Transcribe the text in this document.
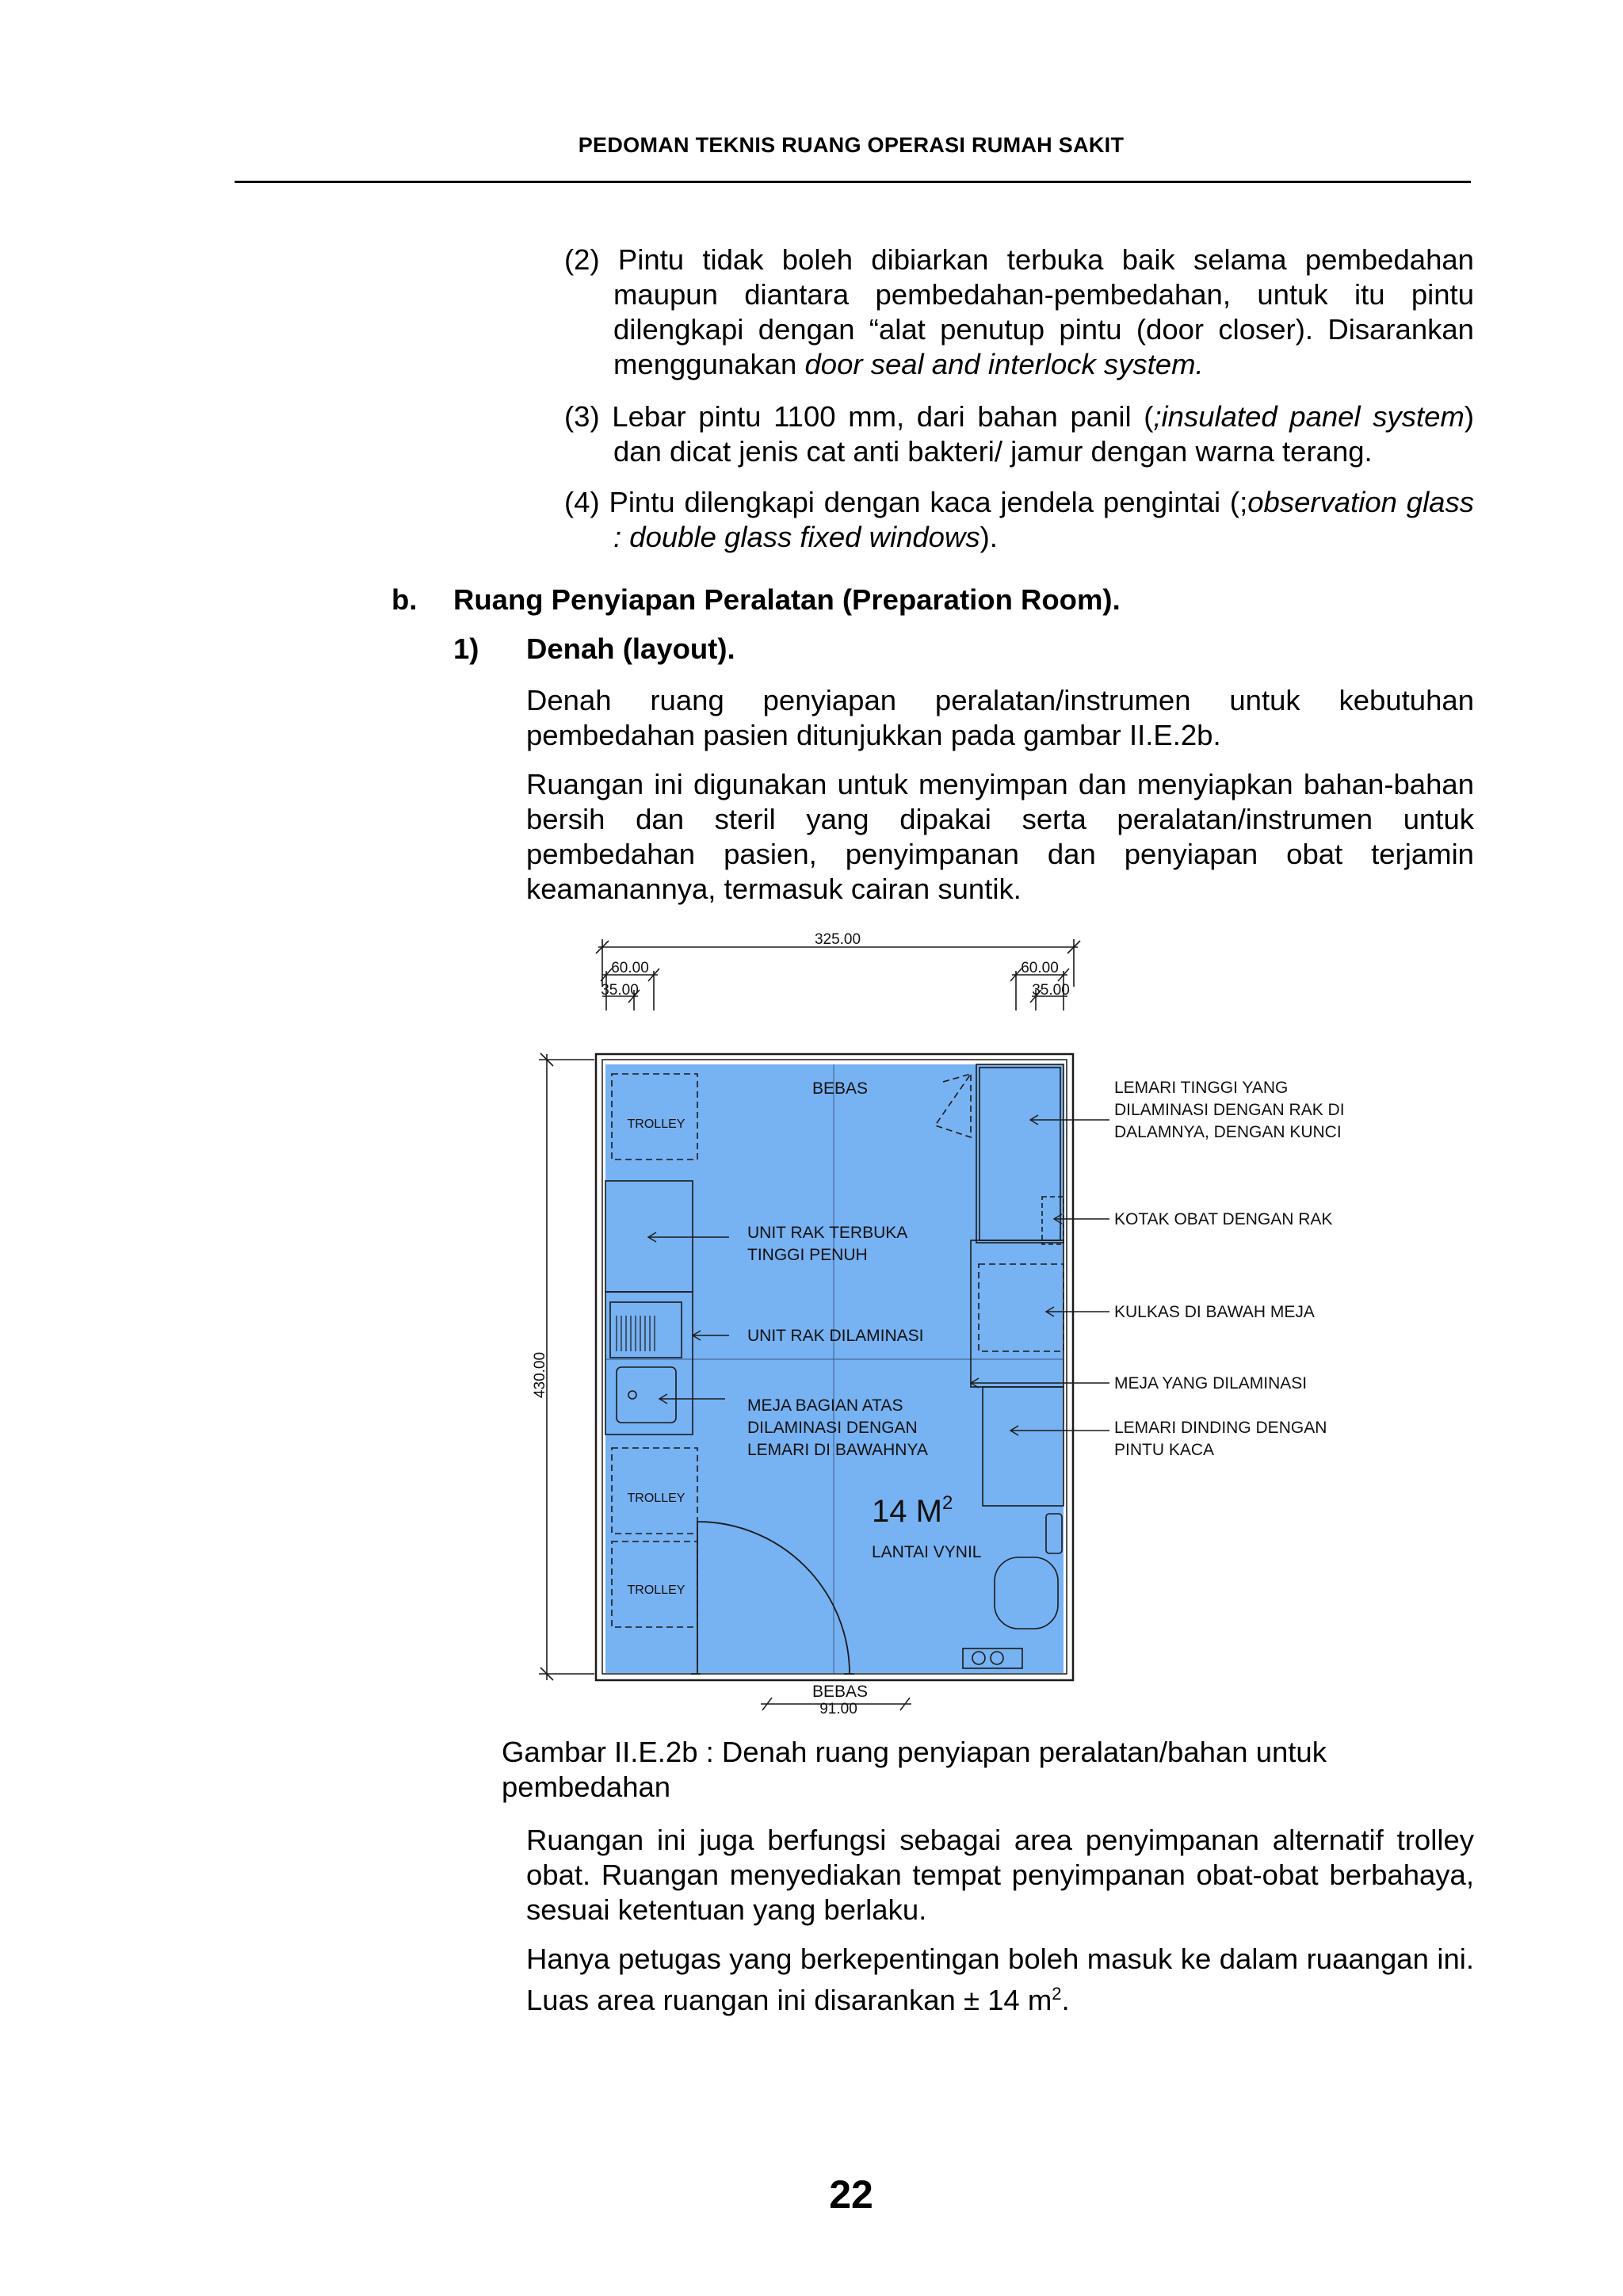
PEDOMAN TEKNIS RUANG OPERASI RUMAH SAKIT
(2) Pintu tidak boleh dibiarkan terbuka baik selama pembedahan maupun diantara pembedahan-pembedahan, untuk itu pintu dilengkapi dengan “alat penutup pintu (door closer). Disarankan menggunakan door seal and interlock system.
(3) Lebar pintu 1100 mm, dari bahan panil (;insulated panel system) dan dicat jenis cat anti bakteri/ jamur dengan warna terang.
(4) Pintu dilengkapi dengan kaca jendela pengintai (;observation glass : double glass fixed windows).
b. Ruang Penyiapan Peralatan (Preparation Room).
1) Denah (layout).
Denah ruang penyiapan peralatan/instrumen untuk kebutuhan pembedahan pasien ditunjukkan pada gambar II.E.2b.
Ruangan ini digunakan untuk menyimpan dan menyiapkan bahan-bahan bersih dan steril yang dipakai serta peralatan/instrumen untuk pembedahan pasien, penyimpanan dan penyiapan obat terjamin keamanannya, termasuk cairan suntik.
325.00
60.00
35.00
60.00
35.00
430.00
TROLLEY
TROLLEY
TROLLEY
BEBAS
UNIT RAK TERBUKA
TINGGI PENUH
UNIT RAK DILAMINASI
MEJA BAGIAN ATAS
DILAMINASI DENGAN
LEMARI DI BAWAHNYA
14 $M^2$
LANTAI VYNIL
LEMARI TINGGI YANG
DILAMINASI DENGAN RAK DI
DALAMNYA, DENGAN KUNCI
KOTAK OBAT DENGAN RAK
KULKAS DI BAWAH MEJA
MEJA YANG DILAMINASI
LEMARI DINDING DENGAN
PINTU KACA
BEBAS
91.00
Gambar II.E.2b : Denah ruang penyiapan peralatan/bahan untuk pembedahan
Ruangan ini juga berfungsi sebagai area penyimpanan alternatif trolley obat. Ruangan menyediakan tempat penyimpanan obat-obat berbahaya, sesuai ketentuan yang berlaku.
Hanya petugas yang berkepentingan boleh masuk ke dalam ruaangan ini. Luas area ruangan ini disarankan ± 14 $m^2$.
22
